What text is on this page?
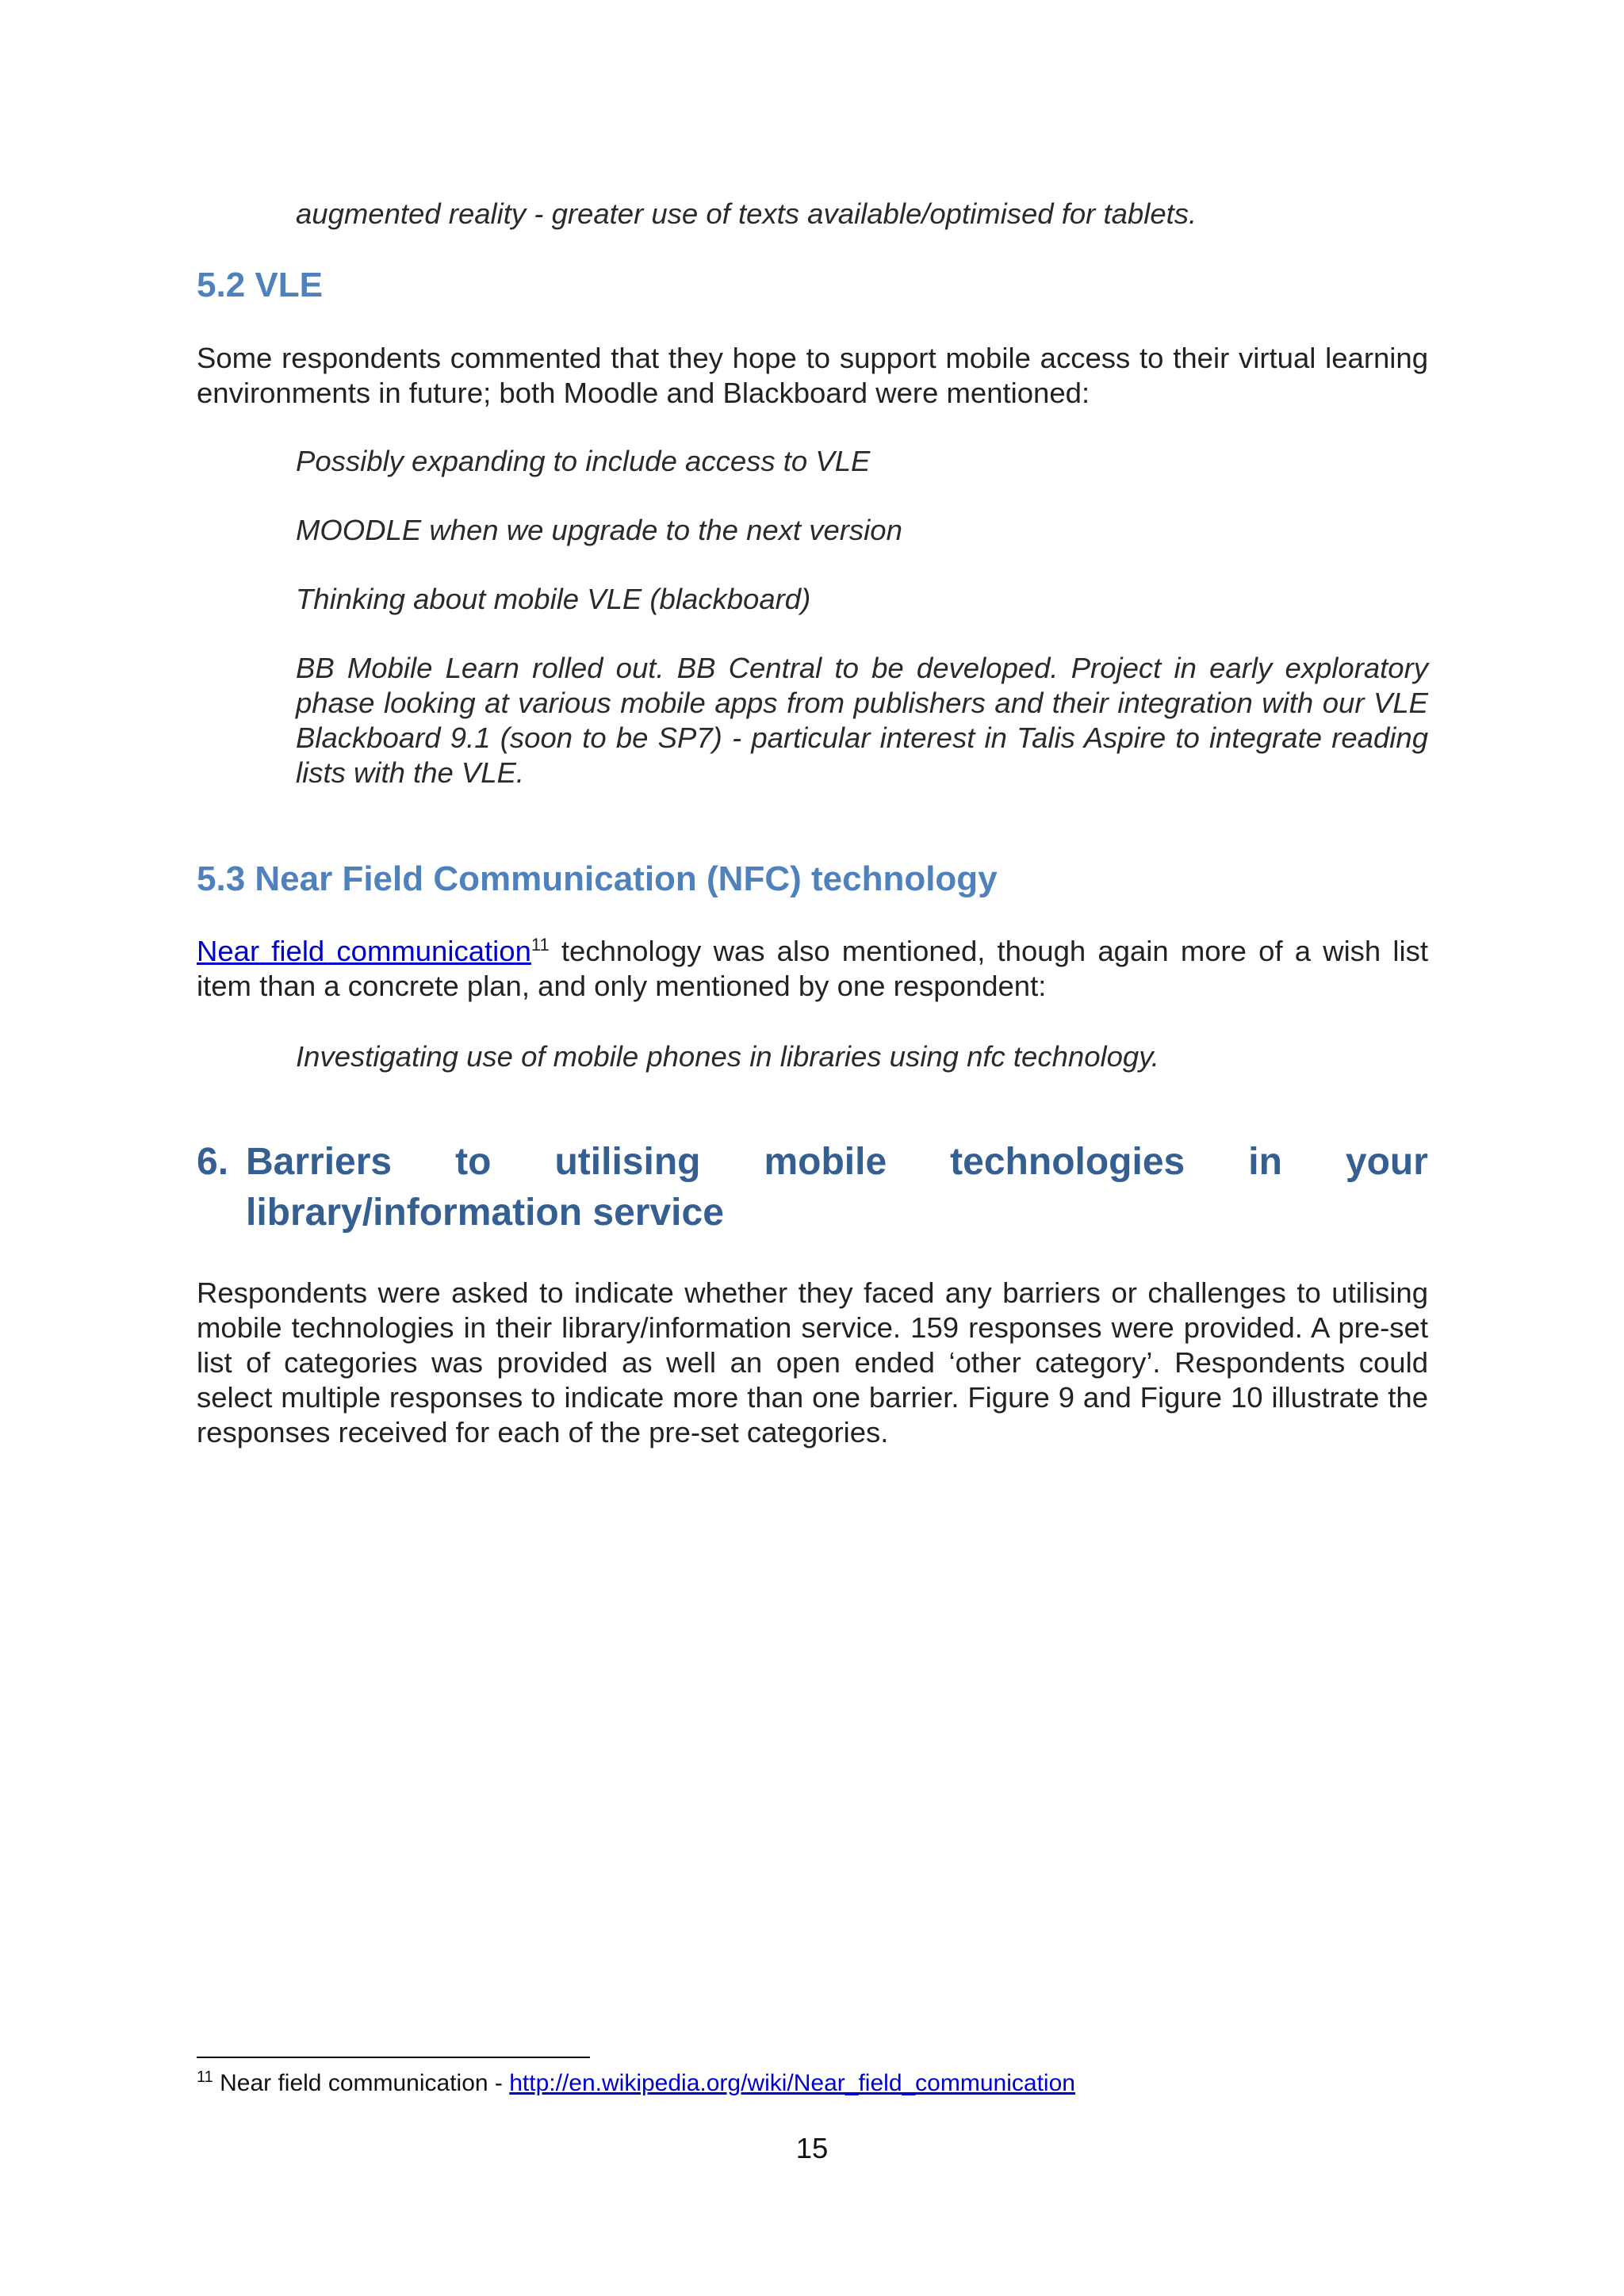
augmented reality - greater use of texts available/optimised for tablets.
5.2 VLE
Some respondents commented that they hope to support mobile access to their virtual learning environments in future; both Moodle and Blackboard were mentioned:
Possibly expanding to include access to VLE
MOODLE when we upgrade to the next version
Thinking about mobile VLE (blackboard)
BB Mobile Learn rolled out. BB Central to be developed. Project in early exploratory phase looking at various mobile apps from publishers and their integration with our VLE Blackboard 9.1 (soon to be SP7) - particular interest in Talis Aspire to integrate reading lists with the VLE.
5.3 Near Field Communication (NFC) technology
Near field communication$^{11}$ technology was also mentioned, though again more of a wish list item than a concrete plan, and only mentioned by one respondent:
Investigating use of mobile phones in libraries using nfc technology.
6. Barriers to utilising mobile technologies in your
library/information service
Respondents were asked to indicate whether they faced any barriers or challenges to utilising mobile technologies in their library/information service. 159 responses were provided. A pre-set list of categories was provided as well an open ended ‘other category’. Respondents could select multiple responses to indicate more than one barrier. Figure 9 and Figure 10 illustrate the responses received for each of the pre-set categories.
$^{11}$ Near field communication - http://en.wikipedia.org/wiki/Near_field_communication
15
